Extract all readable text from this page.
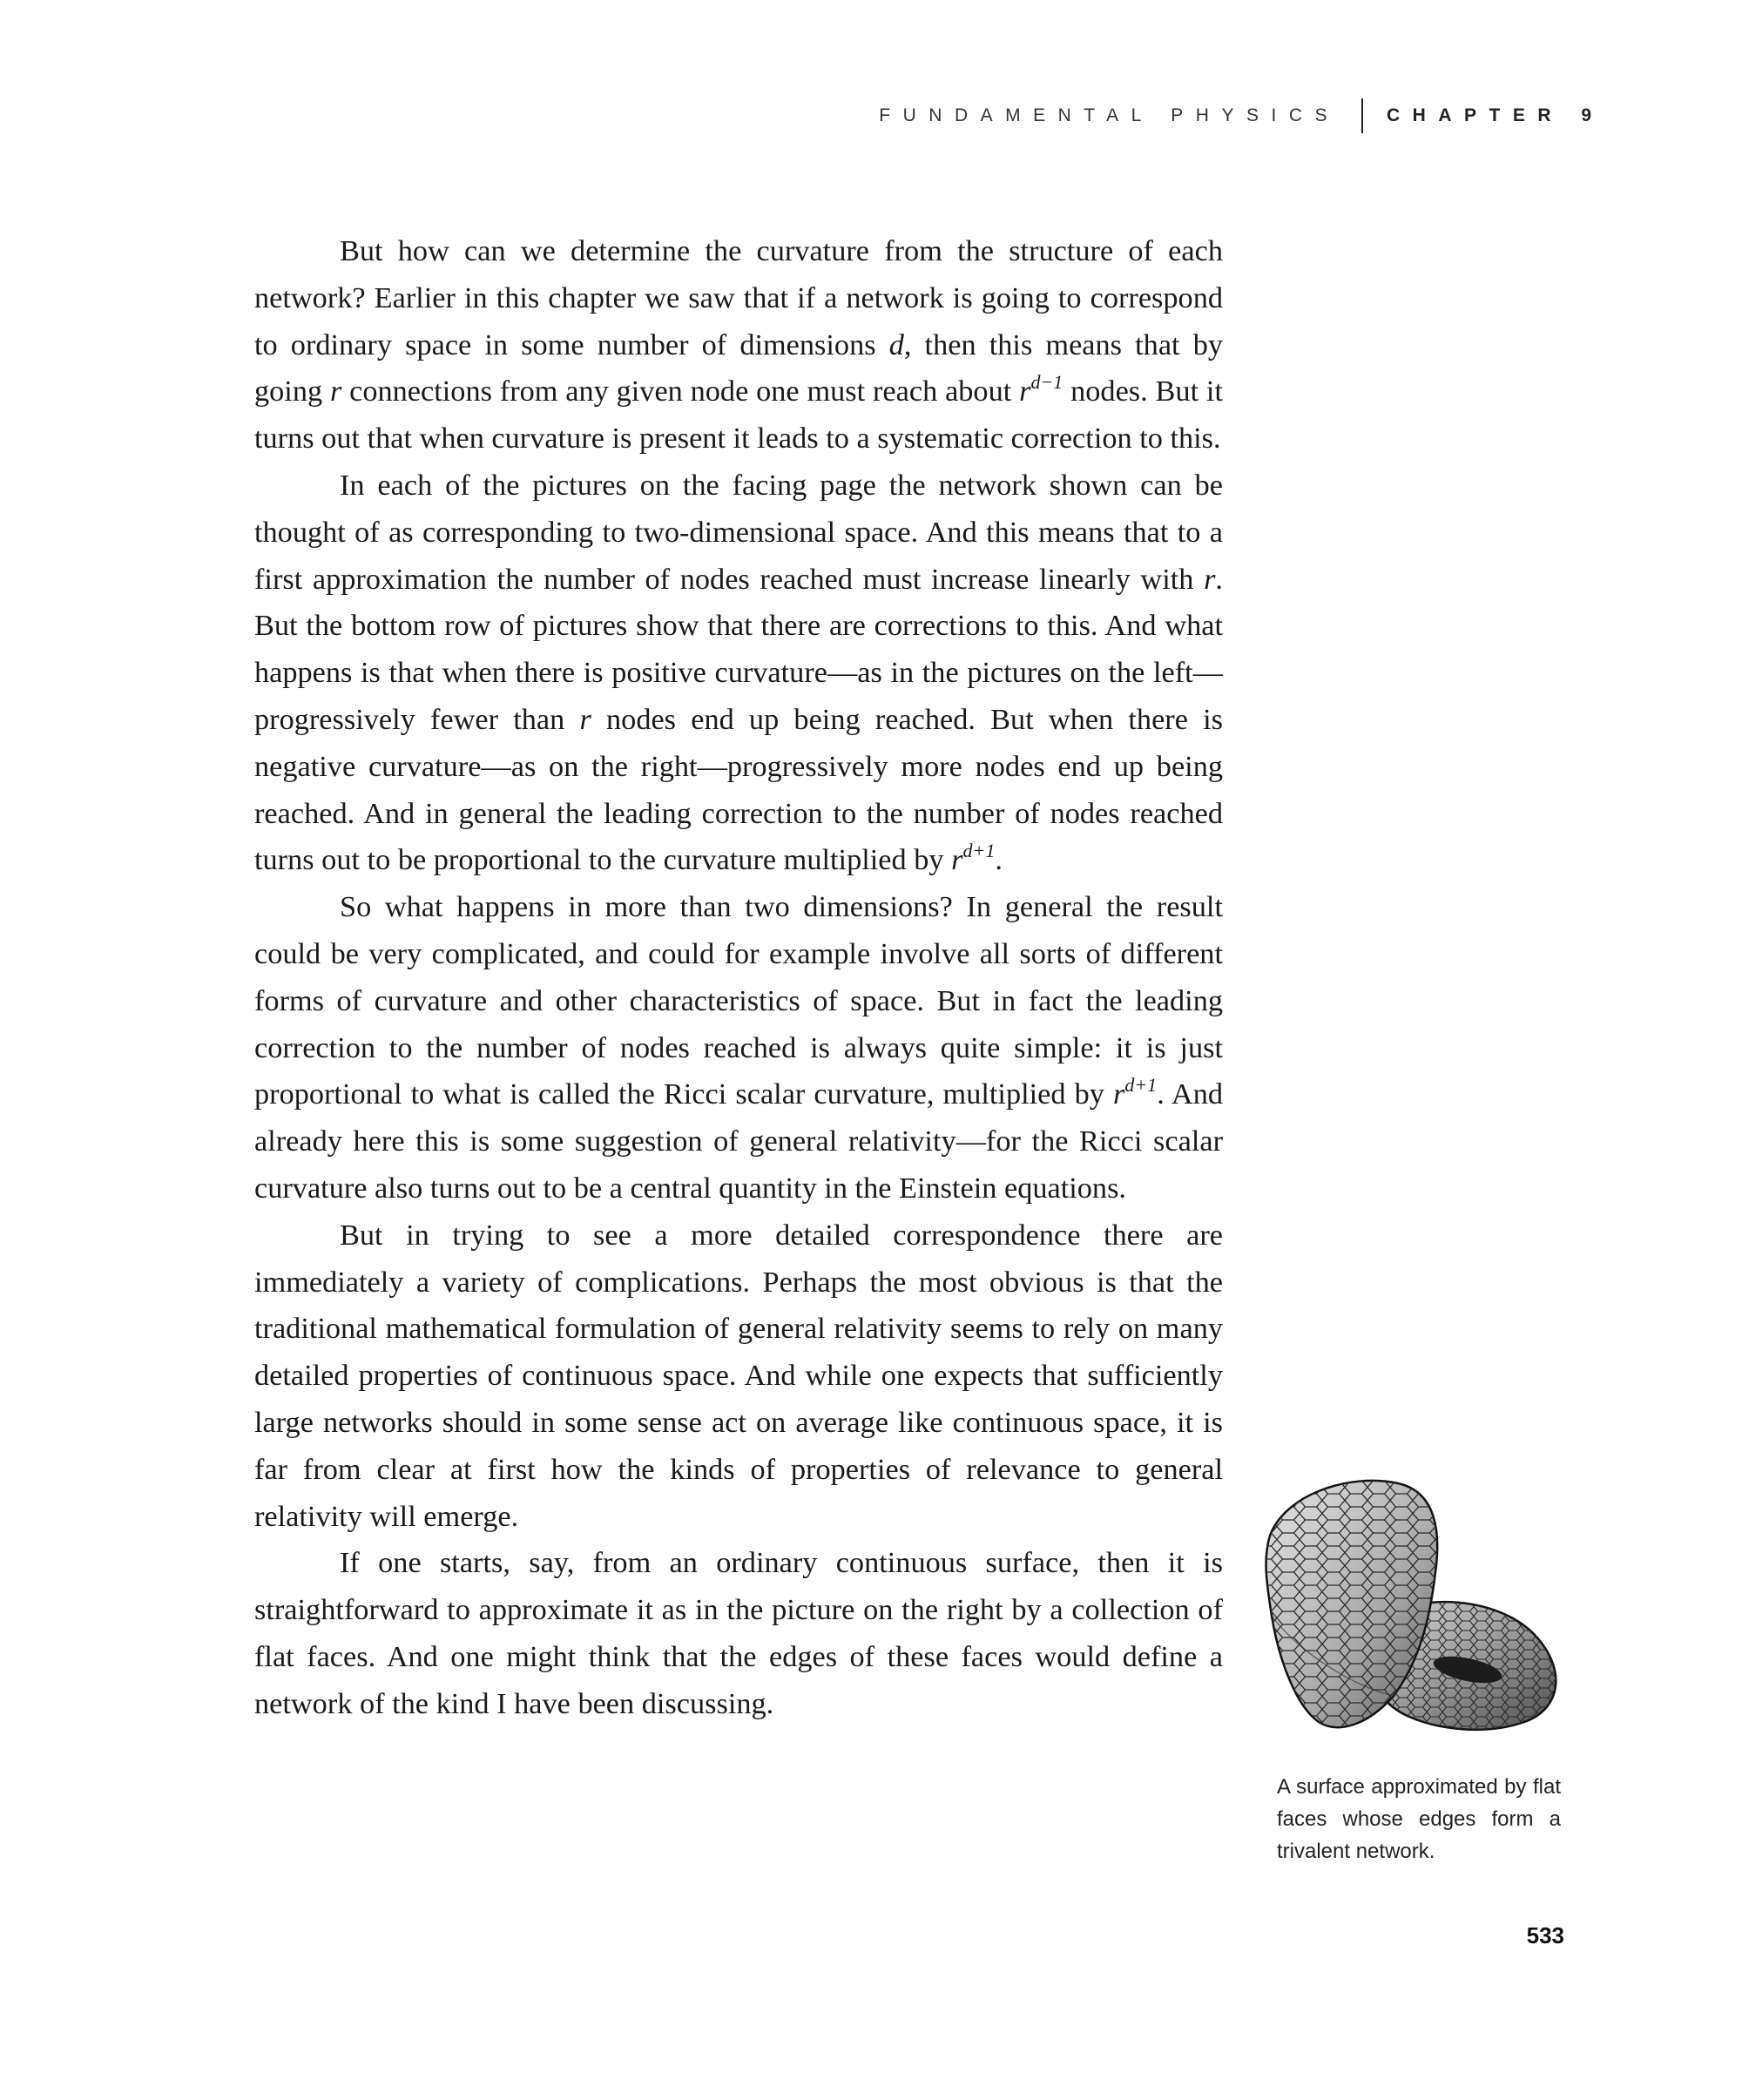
FUNDAMENTAL PHYSICS	CHAPTER 9

But how can we determine the curvature from the structure of each network? Earlier in this chapter we saw that if a network is going to correspond to ordinary space in some number of dimensions d, then this means that by going r connections from any given node one must reach about $r^{d-1}$ nodes. But it turns out that when curvature is present it leads to a systematic correction to this.

In each of the pictures on the facing page the network shown can be thought of as corresponding to two-dimensional space. And this means that to a first approximation the number of nodes reached must increase linearly with r. But the bottom row of pictures show that there are corrections to this. And what happens is that when there is positive curvature—as in the pictures on the left—progressively fewer than r nodes end up being reached. But when there is negative curvature—as on the right—progressively more nodes end up being reached. And in general the leading correction to the number of nodes reached turns out to be proportional to the curvature multiplied by $r^{d+1}$.

So what happens in more than two dimensions? In general the result could be very complicated, and could for example involve all sorts of different forms of curvature and other characteristics of space. But in fact the leading correction to the number of nodes reached is always quite simple: it is just proportional to what is called the Ricci scalar curvature, multiplied by $r^{d+1}$. And already here this is some suggestion of general relativity—for the Ricci scalar curvature also turns out to be a central quantity in the Einstein equations.

But in trying to see a more detailed correspondence there are immediately a variety of complications. Perhaps the most obvious is that the traditional mathematical formulation of general relativity seems to rely on many detailed properties of continuous space. And while one expects that sufficiently large networks should in some sense act on average like continuous space, it is far from clear at first how the kinds of properties of relevance to general relativity will emerge.

If one starts, say, from an ordinary continuous surface, then it is straightforward to approximate it as in the picture on the right by a collection of flat faces. And one might think that the edges of these faces would define a network of the kind I have been discussing.

A surface approximated by flat faces whose edges form a trivalent network.
533
